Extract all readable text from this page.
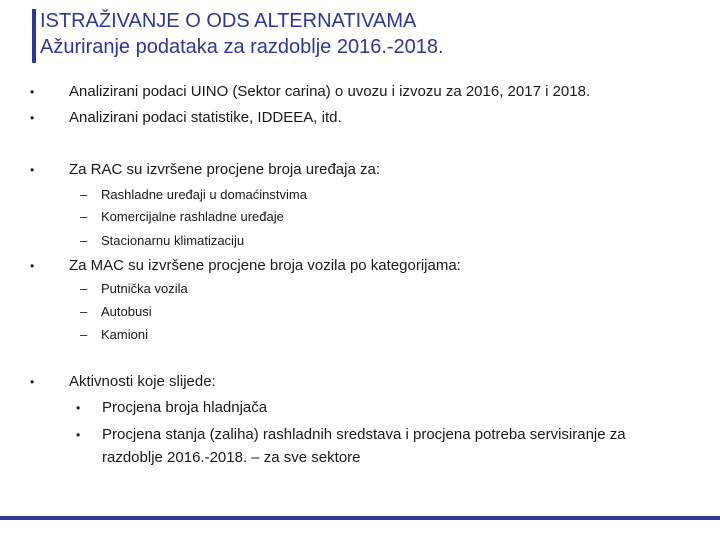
ISTRAŽIVANJE O ODS ALTERNATIVAMA
Ažuriranje podataka za razdoblje 2016.-2018.
• Analizirani podaci UINO (Sektor carina) o uvozu i izvozu za 2016, 2017 i 2018.
• Analizirani podaci statistike, IDDEEA, itd.
• Za RAC su izvršene procjene broja uređaja za:
– Rashladne uređaji u domaćinstvima
– Komercijalne rashladne uređaje
– Stacionarnu klimatizaciju
• Za MAC su izvršene procjene broja vozila po kategorijama:
– Putnička vozila
– Autobusi
– Kamioni
• Aktivnosti koje slijede:
• Procjena broja hladnjača
• Procjena stanja (zaliha) rashladnih sredstava i procjena potreba servisiranje za
razdoblje 2016.-2018. – za sve sektore
